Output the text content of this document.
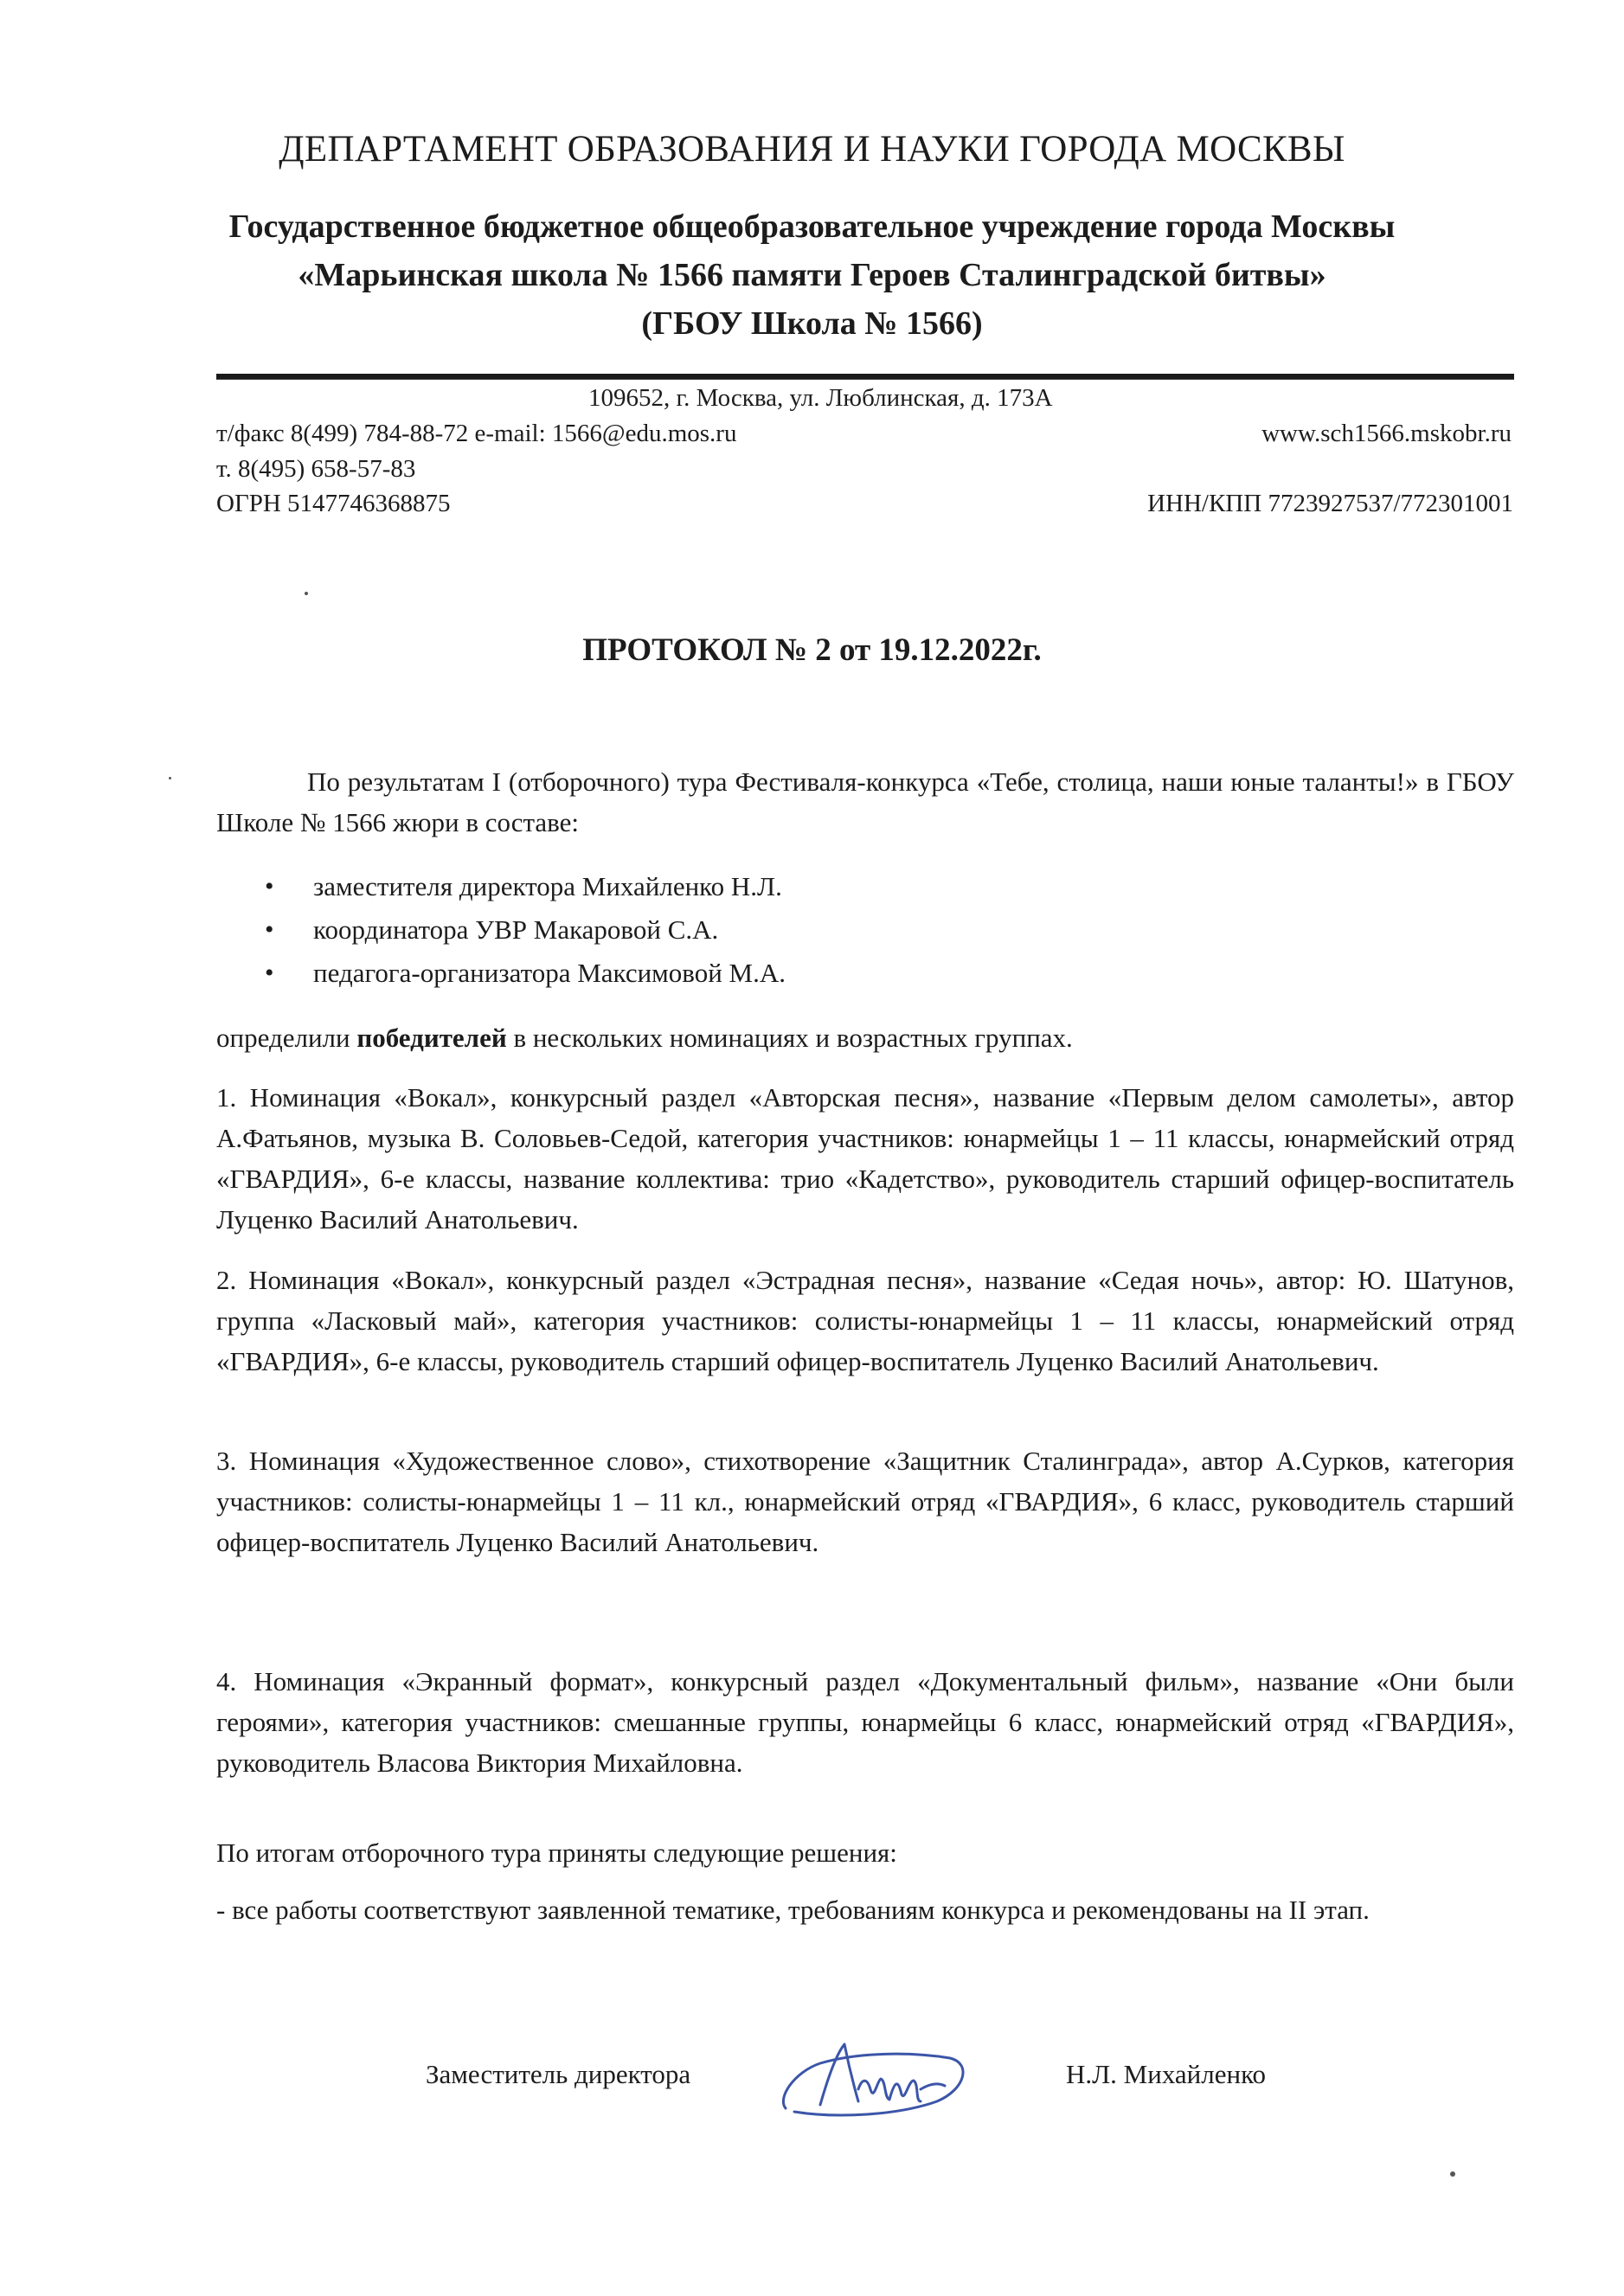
ДЕПАРТАМЕНТ ОБРАЗОВАНИЯ И НАУКИ ГОРОДА МОСКВЫ
Государственное бюджетное общеобразовательное учреждение города Москвы
«Марьинская школа № 1566 памяти Героев Сталинградской битвы»
(ГБОУ Школа № 1566)
109652, г. Москва, ул. Люблинская, д. 173А
т/факс 8(499) 784-88-72 e-mail: 1566@edu.mos.ru	www.sch1566.mskobr.ru
т. 8(495) 658-57-83
ОГРН 5147746368875	ИНН/КПП 7723927537/772301001
ПРОТОКОЛ № 2 от 19.12.2022г.
По результатам I (отборочного) тура Фестиваля-конкурса «Тебе, столица, наши юные таланты!» в ГБОУ Школе № 1566 жюри в составе:
• заместителя директора Михайленко Н.Л.
• координатора УВР Макаровой С.А.
• педагога-организатора Максимовой М.А.
определили победителей в нескольких номинациях и возрастных группах.
1. Номинация «Вокал», конкурсный раздел «Авторская песня», название «Первым делом самолеты», автор А.Фатьянов, музыка В. Соловьев-Седой, категория участников: юнармейцы 1 – 11 классы, юнармейский отряд «ГВАРДИЯ», 6-е классы, название коллектива: трио «Кадетство», руководитель старший офицер-воспитатель Луценко Василий Анатольевич.
2. Номинация «Вокал», конкурсный раздел «Эстрадная песня», название «Седая ночь», автор: Ю. Шатунов, группа «Ласковый май», категория участников: солисты-юнармейцы 1 – 11 классы, юнармейский отряд «ГВАРДИЯ», 6-е классы, руководитель старший офицер-воспитатель Луценко Василий Анатольевич.
3. Номинация «Художественное слово», стихотворение «Защитник Сталинграда», автор А.Сурков, категория участников: солисты-юнармейцы 1 – 11 кл., юнармейский отряд «ГВАРДИЯ», 6 класс, руководитель старший офицер-воспитатель Луценко Василий Анатольевич.
4. Номинация «Экранный формат», конкурсный раздел «Документальный фильм», название «Они были героями», категория участников: смешанные группы, юнармейцы 6 класс, юнармейский отряд «ГВАРДИЯ», руководитель Власова Виктория Михайловна.
По итогам отборочного тура приняты следующие решения:
- все работы соответствуют заявленной тематике, требованиям конкурса и рекомендованы на II этап.
Заместитель директора	Н.Л. Михайленко
